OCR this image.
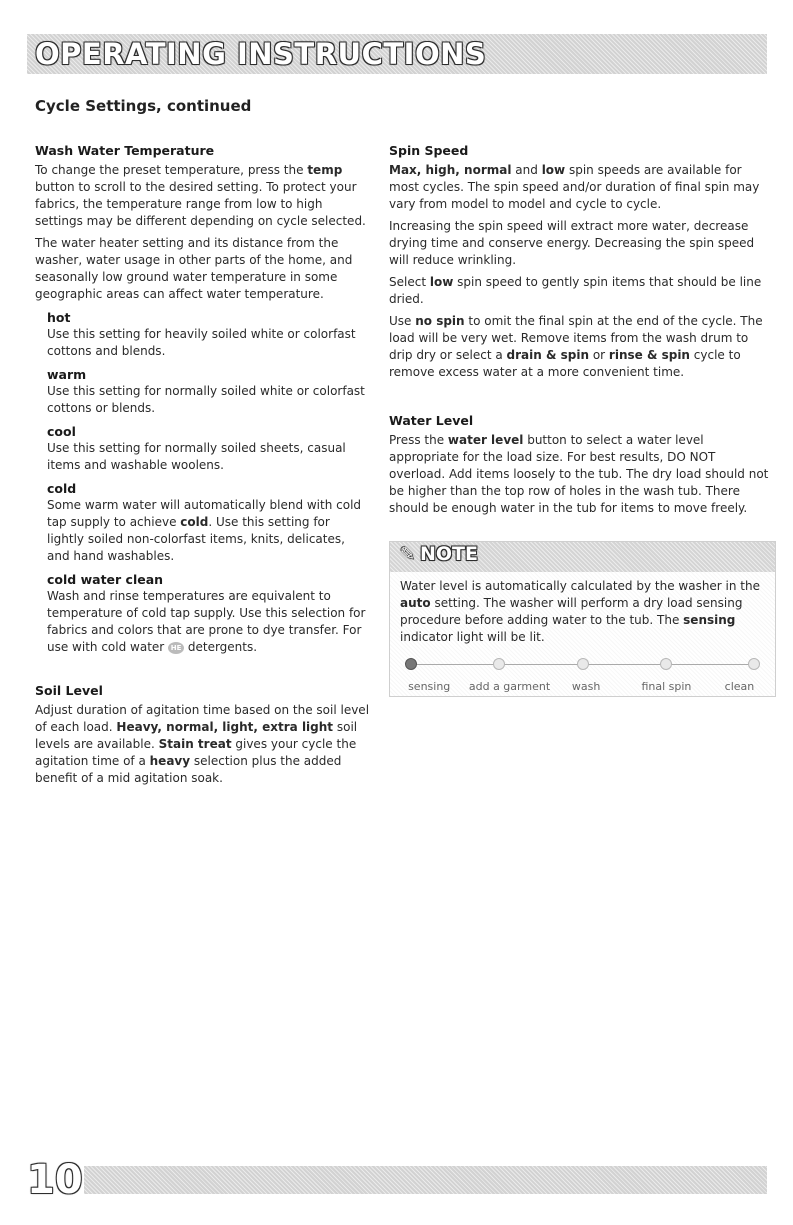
OPERATING INSTRUCTIONS
Cycle Settings, continued
Wash Water Temperature

To change the preset temperature, press the temp button to scroll to the desired setting. To protect your fabrics, the temperature range from low to high settings may be different depending on cycle selected.

The water heater setting and its distance from the washer, water usage in other parts of the home, and seasonally low ground water temperature in some geographic areas can affect water temperature.

hot

Use this setting for heavily soiled white or colorfast cottons and blends.

warm

Use this setting for normally soiled white or colorfast cottons or blends.

cool

Use this setting for normally soiled sheets, casual items and washable woolens.

cold

Some warm water will automatically blend with cold tap supply to achieve cold. Use this setting for lightly soiled non-colorfast items, knits, delicates, and hand washables.

cold water clean

Wash and rinse temperatures are equivalent to temperature of cold tap supply. Use this selection for fabrics and colors that are prone to dye transfer. For use with cold water HE detergents.

Soil Level

Adjust duration of agitation time based on the soil level of each load. Heavy, normal, light, extra light soil levels are available. Stain treat gives your cycle the agitation time of a heavy selection plus the added benefit of a mid agitation soak.

Spin Speed

Max, high, normal and low spin speeds are available for most cycles. The spin speed and/or duration of final spin may vary from model to model and cycle to cycle.

Increasing the spin speed will extract more water, decrease drying time and conserve energy. Decreasing the spin speed will reduce wrinkling.

Select low spin speed to gently spin items that should be line dried.

Use no spin to omit the final spin at the end of the cycle. The load will be very wet. Remove items from the wash drum to drip dry or select a drain & spin or rinse & spin cycle to remove excess water at a more convenient time.

Water Level

Press the water level button to select a water level appropriate for the load size. For best results, DO NOT overload. Add items loosely to the tub. The dry load should not be higher than the top row of holes in the wash tub. There should be enough water in the tub for items to move freely.

✎ NOTE

Water level is automatically calculated by the washer in the auto setting. The washer will perform a dry load sensing procedure before adding water to the tub. The sensing indicator light will be lit.

sensing add a garment wash	final spin	clean
10
